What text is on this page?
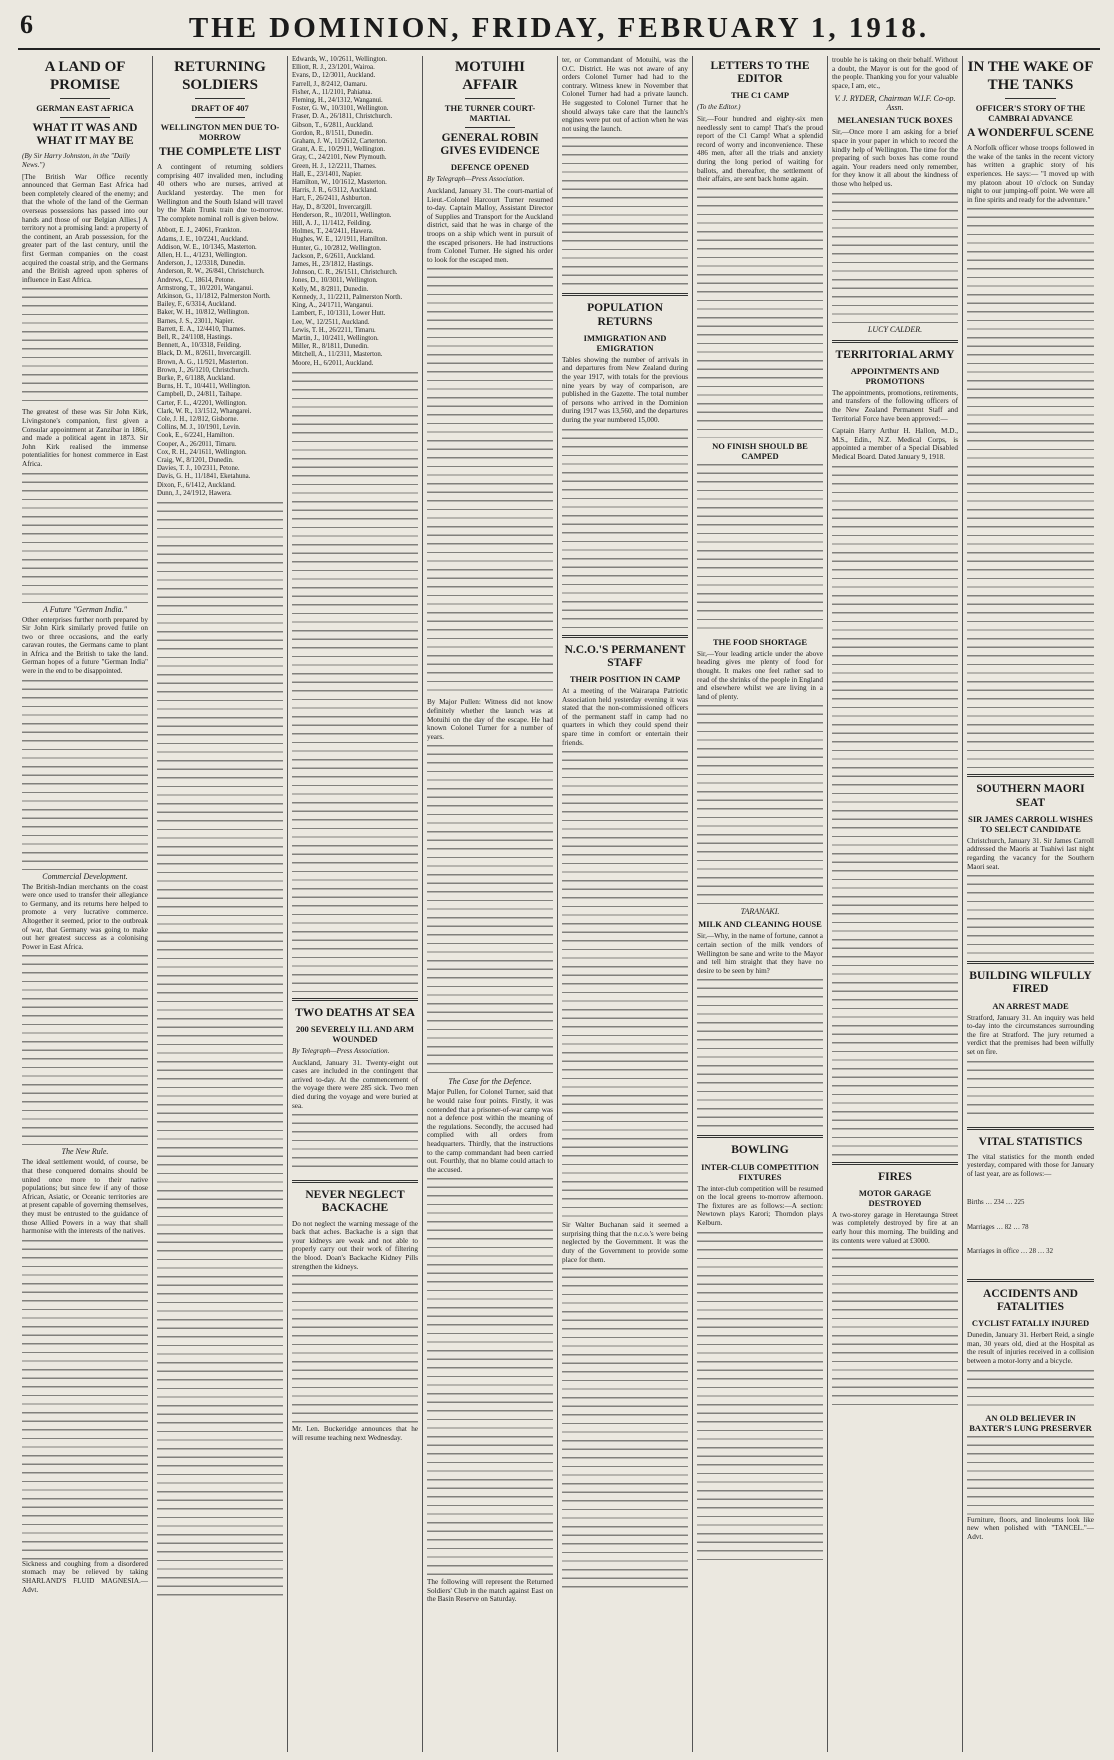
6	THE DOMINION, FRIDAY, FEBRUARY 1, 1918.
A LAND OF PROMISE
GERMAN EAST AFRICA
WHAT IT WAS AND WHAT IT MAY BE
(By Sir Harry Johnston, in the "Daily News.")

[The British War Office recently announced that German East Africa had been completely cleared of the enemy; and that the whole of the land of the German overseas possessions has passed into our hands and those of our Belgian Allies.] A territory not a promising land: a property of the continent, an Arab possession, for the greater part of the last century, until the first German companies on the coast acquired the coastal strip, and the Germans and the British agreed upon spheres of influence in East Africa.

The greatest of these was Sir John Kirk, Livingstone's companion, first given a Consular appointment at Zanzibar in 1866, and made a political agent in 1873. Sir John Kirk realised the immense potentialities for honest commerce in East Africa.

A Future "German India."

Other enterprises further north prepared by Sir John Kirk similarly proved futile on two or three occasions, and the early caravan routes, the Germans came to plant in Africa and the British to take the land. German hopes of a future "German India" were in the end to be disappointed.

Commercial Development.

The British-Indian merchants on the coast were once used to transfer their allegiance to Germany, and its returns here helped to promote a very lucrative commerce. Altogether it seemed, prior to the outbreak of war, that Germany was going to make out her greatest success as a colonising Power in East Africa.

The New Rule.

The ideal settlement would, of course, be that these conquered domains should be united once more to their native populations; but since few if any of those African, Asiatic, or Oceanic territories are at present capable of governing themselves, they must be entrusted to the guidance of those Allied Powers in a way that shall harmonise with the interests of the natives.

Sickness and coughing from a disordered stomach may be relieved by taking SHARLAND'S FLUID MAGNESIA.—Advt.

RETURNING SOLDIERS
DRAFT OF 407
WELLINGTON MEN DUE TO-MORROW
THE COMPLETE LIST

A contingent of returning soldiers comprising 407 invalided men, including 40 others who are nurses, arrived at Auckland yesterday. The men for Wellington and the South Island will travel by the Main Trunk train due to-morrow. The complete nominal roll is given below.

Abbott, E. J., 24061, Frankton.
Adams, J. E., 10/2241, Auckland.
Addison, W. E., 10/1345, Masterton.
Allen, H. L., 4/1231, Wellington.
Anderson, J., 12/3318, Dunedin.
Anderson, R. W., 26/841, Christchurch.
Andrews, C., 18614, Petone.
Armstrong, T., 10/2201, Wanganui.
Atkinson, G., 11/1812, Palmerston North.
Bailey, F., 6/3314, Auckland.
Baker, W. H., 10/812, Wellington.
Barnes, J. S., 23011, Napier.
Barrett, E. A., 12/4410, Thames.
Bell, R., 24/1108, Hastings.
Bennett, A., 10/3318, Feilding.
Black, D. M., 8/2611, Invercargill.
Brown, A. G., 11/921, Masterton.
Brown, J., 26/1210, Christchurch.
Burke, P., 6/1188, Auckland.
Burns, H. T., 10/4411, Wellington.
Campbell, D., 24/811, Taihape.
Carter, F. L., 4/2201, Wellington.
Clark, W. R., 13/1512, Whangarei.
Cole, J. H., 12/812, Gisborne.
Collins, M. J., 10/1901, Levin.
Cook, E., 6/2241, Hamilton.
Cooper, A., 26/2011, Timaru.
Cox, R. H., 24/1611, Wellington.
Craig, W., 8/1201, Dunedin.
Davies, T. J., 10/2311, Petone.
Davis, G. H., 11/1841, Eketahuna.
Dixon, F., 6/1412, Auckland.
Dunn, J., 24/1912, Hawera.
Edwards, W., 10/2611, Wellington.
Elliott, R. J., 23/1201, Wairoa.
Evans, D., 12/3011, Auckland.
Farrell, J., 8/2412, Oamaru.
Fisher, A., 11/2101, Pahiatua.
Fleming, H., 24/1312, Wanganui.
Foster, G. W., 10/3101, Wellington.
Fraser, D. A., 26/1811, Christchurch.
Gibson, T., 6/2811, Auckland.
Gordon, R., 8/1511, Dunedin.
Graham, J. W., 11/2612, Carterton.
Grant, A. E., 10/2911, Wellington.
Gray, C., 24/2101, New Plymouth.
Green, H. J., 12/2211, Thames.
Hall, E., 23/1401, Napier.
Hamilton, W., 10/1612, Masterton.
Harris, J. R., 6/3112, Auckland.
Hart, F., 26/2411, Ashburton.
Hay, D., 8/3201, Invercargill.
Henderson, R., 10/2011, Wellington.
Hill, A. J., 11/1412, Feilding.
Holmes, T., 24/2411, Hawera.
Hughes, W. E., 12/1911, Hamilton.
Hunter, G., 10/2812, Wellington.
Jackson, P., 6/2611, Auckland.
James, H., 23/1812, Hastings.
Johnson, C. R., 26/1511, Christchurch.
Jones, D., 10/3011, Wellington.
Kelly, M., 8/2811, Dunedin.
Kennedy, J., 11/2211, Palmerston North.
King, A., 24/1711, Wanganui.
Lambert, F., 10/1311, Lower Hutt.
Lee, W., 12/2511, Auckland.
Lewis, T. H., 26/2211, Timaru.
Martin, J., 10/2411, Wellington.
Miller, R., 8/1811, Dunedin.
Mitchell, A., 11/2311, Masterton.
Moore, H., 6/2011, Auckland.
TWO DEATHS AT SEA
200 SEVERELY ILL AND ARM WOUNDED
By Telegraph—Press Association.

Auckland, January 31. Twenty-eight out cases are included in the contingent that arrived to-day. At the commencement of the voyage there were 285 sick. Two men died during the voyage and were buried at sea.

NEVER NEGLECT BACKACHE

Do not neglect the warning message of the back that aches. Backache is a sign that your kidneys are weak and not able to properly carry out their work of filtering the blood. Doan's Backache Kidney Pills strengthen the kidneys.

Mr. Len. Buckeridge announces that he will resume teaching next Wednesday.

MOTUIHI AFFAIR
THE TURNER COURT-MARTIAL
GENERAL ROBIN GIVES EVIDENCE
DEFENCE OPENED
By Telegraph—Press Association.

Auckland, January 31. The court-martial of Lieut.-Colonel Harcourt Turner resumed to-day. Captain Malloy, Assistant Director of Supplies and Transport for the Auckland district, said that he was in charge of the troops on a ship which went in pursuit of the escaped prisoners. He had instructions from Colonel Turner. He signed his order to look for the escaped men.

By Major Pullen: Witness did not know definitely whether the launch was at Motuihi on the day of the escape. He had known Colonel Turner for a number of years.

The Case for the Defence.

Major Pullen, for Colonel Turner, said that he would raise four points. Firstly, it was contended that a prisoner-of-war camp was not a defence post within the meaning of the regulations. Secondly, the accused had complied with all orders from headquarters. Thirdly, that the instructions to the camp commandant had been carried out. Fourthly, that no blame could attach to the accused.

The following will represent the Returned Soldiers' Club in the match against East on the Basin Reserve on Saturday.

ter, or Commandant of Motuihi, was the O.C. District. He was not aware of any orders Colonel Turner had had to the contrary. Witness knew in November that Colonel Turner had had a private launch. He suggested to Colonel Turner that he should always take care that the launch's engines were put out of action when he was not using the launch.

POPULATION RETURNS
IMMIGRATION AND EMIGRATION

Tables showing the number of arrivals in and departures from New Zealand during the year 1917, with totals for the previous nine years by way of comparison, are published in the Gazette. The total number of persons who arrived in the Dominion during 1917 was 13,560, and the departures during the year numbered 15,000.

N.C.O.'S PERMANENT STAFF
THEIR POSITION IN CAMP

At a meeting of the Wairarapa Patriotic Association held yesterday evening it was stated that the non-commissioned officers of the permanent staff in camp had no quarters in which they could spend their spare time in comfort or entertain their friends.

Sir Walter Buchanan said it seemed a surprising thing that the n.c.o.'s were being neglected by the Government. It was the duty of the Government to provide some place for them.

LETTERS TO THE EDITOR
THE C1 CAMP
(To the Editor.)

Sir,—Four hundred and eighty-six men needlessly sent to camp! That's the proud report of the C1 Camp! What a splendid record of worry and inconvenience. These 486 men, after all the trials and anxiety during the long period of waiting for ballots, and thereafter, the settlement of their affairs, are sent back home again.

NO FINISH SHOULD BE CAMPED
THE FOOD SHORTAGE

Sir,—Your leading article under the above heading gives me plenty of food for thought. It makes one feel rather sad to read of the shrinks of the people in England and elsewhere whilst we are living in a land of plenty.

TARANAKI.
MILK AND CLEANING HOUSE

Sir,—Why, in the name of fortune, cannot a certain section of the milk vendors of Wellington be sane and write to the Mayor and tell him straight that they have no desire to be seen by him?

BOWLING
INTER-CLUB COMPETITION FIXTURES

The inter-club competition will be resumed on the local greens to-morrow afternoon. The fixtures are as follows:—A section: Newtown plays Karori; Thorndon plays Kelburn.

trouble he is taking on their behalf. Without a doubt, the Mayor is out for the good of the people. Thanking you for your valuable space, I am, etc.,

V. J. RYDER, Chairman W.I.F. Co-op. Assn.
MELANESIAN TUCK BOXES

Sir,—Once more I am asking for a brief space in your paper in which to record the kindly help of Wellington. The time for the preparing of such boxes has come round again. Your readers need only remember, for they know it all about the kindness of those who helped us.

LUCY CALDER.
TERRITORIAL ARMY
APPOINTMENTS AND PROMOTIONS

The appointments, promotions, retirements, and transfers of the following officers of the New Zealand Permanent Staff and Territorial Force have been approved:—

Captain Harry Arthur H. Hallon, M.D., M.S., Edin., N.Z. Medical Corps, is appointed a member of a Special Disabled Medical Board. Dated January 9, 1918.

FIRES
MOTOR GARAGE DESTROYED

A two-storey garage in Heretaunga Street was completely destroyed by fire at an early hour this morning. The building and its contents were valued at £3000.

IN THE WAKE OF THE TANKS
OFFICER'S STORY OF THE CAMBRAI ADVANCE
A WONDERFUL SCENE

A Norfolk officer whose troops followed in the wake of the tanks in the recent victory has written a graphic story of his experiences. He says:— "I moved up with my platoon about 10 o'clock on Sunday night to our jumping-off point. We were all in fine spirits and ready for the adventure."

SOUTHERN MAORI SEAT
SIR JAMES CARROLL WISHES TO SELECT CANDIDATE

Christchurch, January 31. Sir James Carroll addressed the Maoris at Tuahiwi last night regarding the vacancy for the Southern Maori seat.

BUILDING WILFULLY FIRED
AN ARREST MADE

Stratford, January 31. An inquiry was held to-day into the circumstances surrounding the fire at Stratford. The jury returned a verdict that the premises had been wilfully set on fire.

VITAL STATISTICS

The vital statistics for the month ended yesterday, compared with those for January of last year, are as follows:—

Births … 234 … 225

Marriages … 82 … 78

Marriages in office … 28 … 32

ACCIDENTS AND FATALITIES
CYCLIST FATALLY INJURED

Dunedin, January 31. Herbert Reid, a single man, 30 years old, died at the Hospital as the result of injuries received in a collision between a motor-lorry and a bicycle.

AN OLD BELIEVER IN BAXTER'S LUNG PRESERVER

Furniture, floors, and linoleums look like new when polished with "TANCEL."—Advt.
